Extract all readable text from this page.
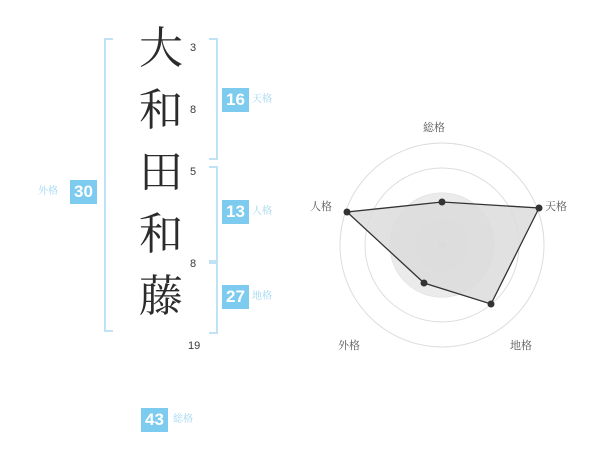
大
和
田
和
藤
3
8
5
8
19
16 天格
13 人格
27 地格
外格 30
43 総格
総格
天格
地格
外格
人格
